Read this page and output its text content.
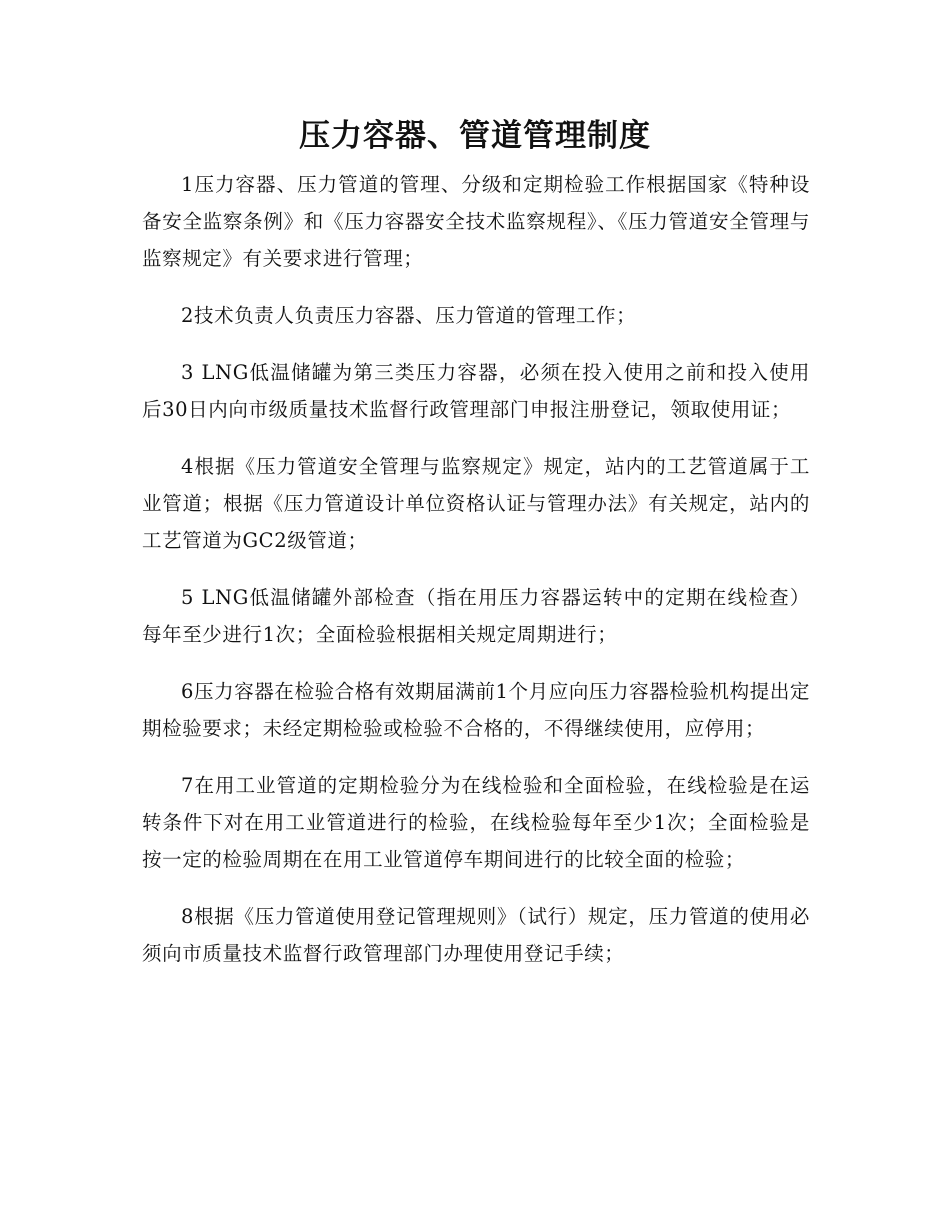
压力容器、管道管理制度

1压力容器、压力管道的管理、分级和定期检验工作根据国家《特种设备安全监察条例》和《压力容器安全技术监察规程》、《压力管道安全管理与监察规定》有关要求进行管理；

2技术负责人负责压力容器、压力管道的管理工作；

3 LNG低温储罐为第三类压力容器，必须在投入使用之前和投入使用后30日内向市级质量技术监督行政管理部门申报注册登记，领取使用证；

4根据《压力管道安全管理与监察规定》规定，站内的工艺管道属于工业管道；根据《压力管道设计单位资格认证与管理办法》有关规定，站内的工艺管道为GC2级管道；

5 LNG低温储罐外部检查（指在用压力容器运转中的定期在线检查）每年至少进行1次；全面检验根据相关规定周期进行；

6压力容器在检验合格有效期届满前1个月应向压力容器检验机构提出定期检验要求；未经定期检验或检验不合格的，不得继续使用，应停用；

7在用工业管道的定期检验分为在线检验和全面检验，在线检验是在运转条件下对在用工业管道进行的检验，在线检验每年至少1次；全面检验是按一定的检验周期在在用工业管道停车期间进行的比较全面的检验；

8根据《压力管道使用登记管理规则》（试行）规定，压力管道的使用必须向市质量技术监督行政管理部门办理使用登记手续；
